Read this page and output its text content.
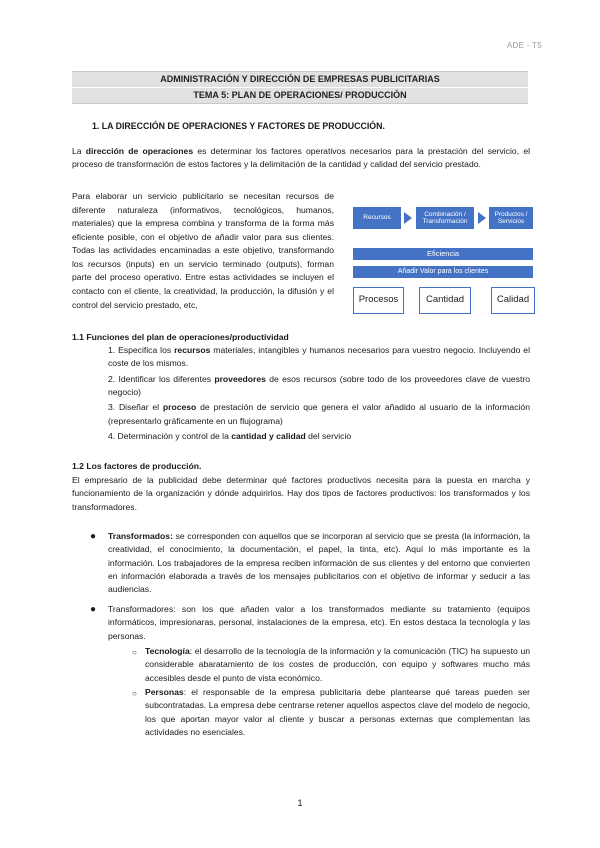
ADE - T5
ADMINISTRACIÓN Y DIRECCIÓN DE EMPRESAS PUBLICITARIAS
TEMA 5: PLAN DE OPERACIONES/ PRODUCCIÓN
1. LA DIRECCIÓN DE OPERACIONES Y FACTORES DE PRODUCCIÓN.
La dirección de operaciones es determinar los factores operativos necesarios para la prestación del servicio, el proceso de transformación de estos factores y la delimitación de la cantidad y calidad del servicio prestado.
Para elaborar un servicio publicitario se necesitan recursos de diferente naturaleza (informativos, tecnológicos, humanos, materiales) que la empresa combina y transforma de la forma más eficiente posible, con el objetivo de añadir valor para sus clientes. Todas las actividades encaminadas a este objetivo, transformando los recursos (inputs) en un servicio terminado (outputs), forman parte del proceso operativo. Entre estas actividades se incluyen el contacto con el cliente, la creatividad, la producción, la difusión y el control del servicio prestado, etc,
Recursos
Combinación / Transformación
Productos / Servicios
Eficiencia
Añadir Valor para los clientes
Procesos	Cantidad	Calidad
1.1 Funciones del plan de operaciones/productividad
1. Especifica los recursos materiales, intangibles y humanos necesarios para vuestro negocio. Incluyendo el coste de los mismos.
2. Identificar los diferentes proveedores de esos recursos (sobre todo de los proveedores clave de vuestro negocio)
3. Diseñar el proceso de prestación de servicio que genera el valor añadido al usuario de la información (representarlo gráficamente en un flujograma)
4. Determinación y control de la cantidad y calidad del servicio
1.2 Los factores de producción.
El empresario de la publicidad debe determinar qué factores productivos necesita para la puesta en marcha y funcionamiento de la organización y dónde adquirirlos. Hay dos tipos de factores productivos: los transformados y los transformadores.
● Transformados: se corresponden con aquellos que se incorporan al servicio que se presta (la información, la creatividad, el conocimiento, la documentación, el papel, la tinta, etc). Aquí lo más importante es la información. Los trabajadores de la empresa reciben información de sus clientes y del entorno que convierten en información elaborada a través de los mensajes publicitarios con el objetivo de informar y seducir a las audiencias.
● Transformadores: son los que añaden valor a los transformados mediante su tratamiento (equipos informáticos, impresionaras, personal, instalaciones de la empresa, etc). En estos destaca la tecnología y las personas.
○ Tecnología: el desarrollo de la tecnología de la información y la comunicación (TIC) ha supuesto un considerable abaratamiento de los costes de producción, con equipo y softwares mucho más accesibles desde el punto de vista económico.
○ Personas: el responsable de la empresa publicitaria debe plantearse qué tareas pueden ser subcontratadas. La empresa debe centrarse retener aquellos aspectos clave del modelo de negocio, los que aportan mayor valor al cliente y buscar a personas externas que complementan las actividades no esenciales.
1
